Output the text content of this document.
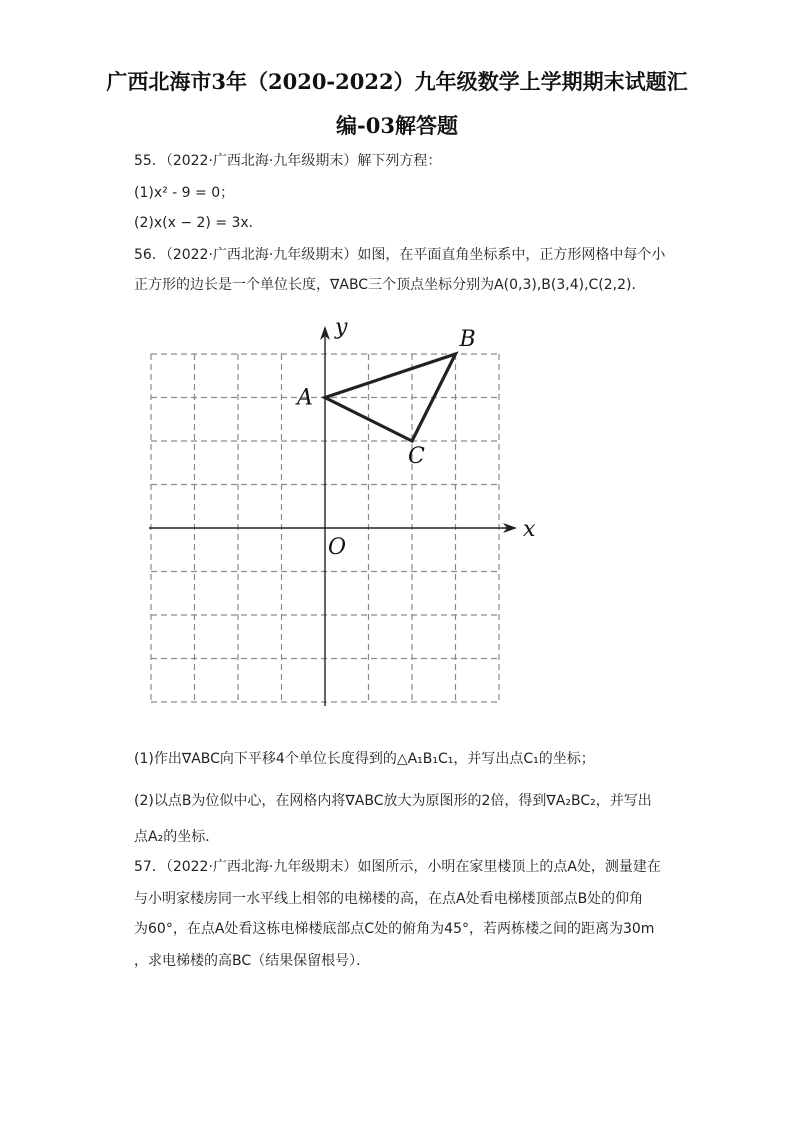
广西北海市3年（2020-2022）九年级数学上学期期末试题汇
编-03解答题
55．（2022·广西北海·九年级期末）解下列方程：
(1)x² - 9 = 0；
(2)x(x − 2) = 3x．
56．（2022·广西北海·九年级期末）如图，在平面直角坐标系中，正方形网格中每个小
正方形的边长是一个单位长度，∇ABC三个顶点坐标分别为A(0,3),B(3,4),C(2,2)．
x
y
O
A
B
C
(1)作出∇ABC向下平移4个单位长度得到的△A₁B₁C₁，并写出点C₁的坐标；
(2)以点B为位似中心，在网格内将∇ABC放大为原图形的2倍，得到∇A₂BC₂，并写出
点A₂的坐标．
57．（2022·广西北海·九年级期末）如图所示，小明在家里楼顶上的点A处，测量建在
与小明家楼房同一水平线上相邻的电梯楼的高，在点A处看电梯楼顶部点B处的仰角
为60°，在点A处看这栋电梯楼底部点C处的俯角为45°，若两栋楼之间的距离为30m
，求电梯楼的高BC（结果保留根号）．
